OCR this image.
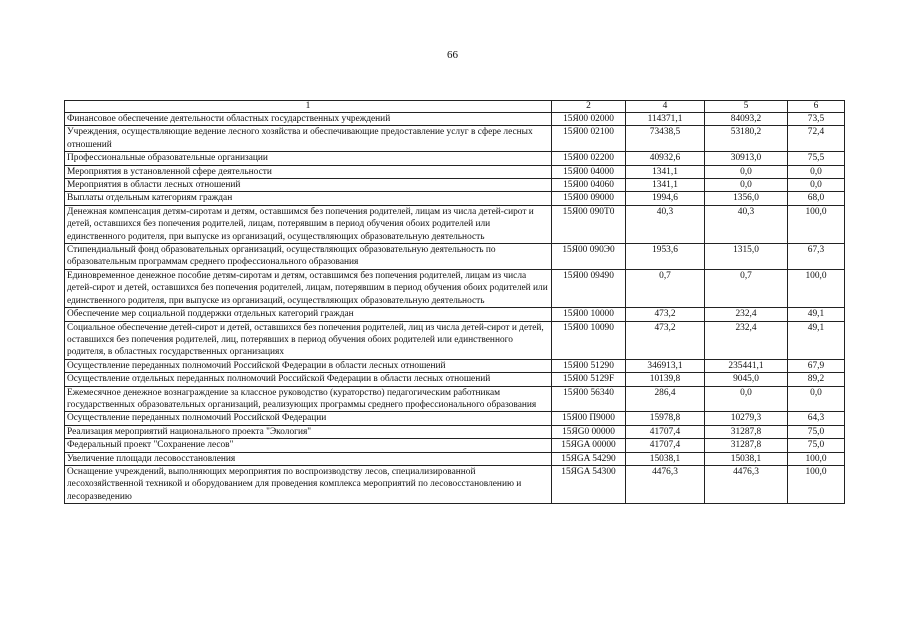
66
1	2	4	5	6
Финансовое обеспечение деятельности областных государственных учреждений	15Я00 02000	114371,1	84093,2	73,5
Учреждения, осуществляющие ведение лесного хозяйства и обеспечивающие предоставление услуг в сфере лесных отношений	15Я00 02100	73438,5	53180,2	72,4
Профессиональные образовательные организации	15Я00 02200	40932,6	30913,0	75,5
Мероприятия в установленной сфере деятельности	15Я00 04000	1341,1	0,0	0,0
Мероприятия в области лесных отношений	15Я00 04060	1341,1	0,0	0,0
Выплаты отдельным категориям граждан	15Я00 09000	1994,6	1356,0	68,0
Денежная компенсация детям-сиротам и детям, оставшимся без попечения родителей, лицам из числа детей-сирот и детей, оставшихся без попечения родителей, лицам, потерявшим в период обучения обоих родителей или единственного родителя, при выпуске из организаций, осуществляющих образовательную деятельность	15Я00 090Т0	40,3	40,3	100,0
Стипендиальный фонд образовательных организаций, осуществляющих образовательную деятельность по образовательным программам среднего профессионального образования	15Я00 090Э0	1953,6	1315,0	67,3
Единовременное денежное пособие детям-сиротам и детям, оставшимся без попечения родителей, лицам из числа детей-сирот и детей, оставшихся без попечения родителей, лицам, потерявшим в период обучения обоих родителей или единственного родителя, при выпуске из организаций, осуществляющих образовательную деятельность	15Я00 09490	0,7	0,7	100,0
Обеспечение мер социальной поддержки отдельных категорий граждан	15Я00 10000	473,2	232,4	49,1
Социальное обеспечение детей-сирот и детей, оставшихся без попечения родителей, лиц из числа детей-сирот и детей, оставшихся без попечения родителей, лиц, потерявших в период обучения обоих родителей или единственного родителя, в областных государственных организациях	15Я00 10090	473,2	232,4	49,1
Осуществление переданных полномочий Российской Федерации в области лесных отношений	15Я00 51290	346913,1	235441,1	67,9
Осуществление отдельных переданных полномочий Российской Федерации в области лесных отношений	15Я00 5129F	10139,8	9045,0	89,2
Ежемесячное денежное вознаграждение за классное руководство (кураторство) педагогическим работникам государственных образовательных организаций, реализующих программы среднего профессионального образования	15Я00 56340	286,4	0,0	0,0
Осуществление переданных полномочий Российской Федерации	15Я00 П9000	15978,8	10279,3	64,3
Реализация мероприятий национального проекта "Экология"	15ЯG0 00000	41707,4	31287,8	75,0
Федеральный проект "Сохранение лесов"	15ЯGA 00000	41707,4	31287,8	75,0
Увеличение площади лесовосстановления	15ЯGA 54290	15038,1	15038,1	100,0
Оснащение учреждений, выполняющих мероприятия по воспроизводству лесов, специализированной лесохозяйственной техникой и оборудованием для проведения комплекса мероприятий по лесовосстановлению и лесоразведению	15ЯGA 54300	4476,3	4476,3	100,0
